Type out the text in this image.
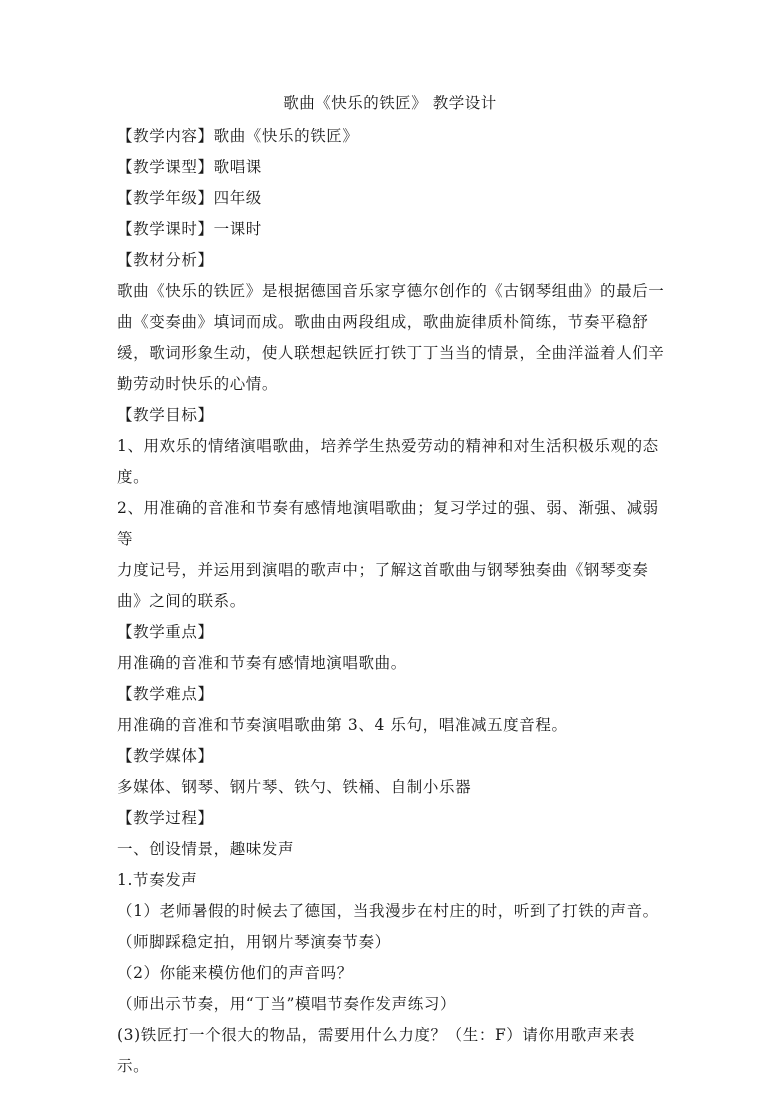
歌曲《快乐的铁匠》 教学设计

【教学内容】歌曲《快乐的铁匠》

【教学课型】歌唱课

【教学年级】四年级

【教学课时】一课时

【教材分析】

歌曲《快乐的铁匠》是根据德国音乐家亨德尔创作的《古钢琴组曲》的最后一

曲《变奏曲》填词而成。歌曲由两段组成，歌曲旋律质朴简练，节奏平稳舒

缓，歌词形象生动，使人联想起铁匠打铁丁丁当当的情景，全曲洋溢着人们辛

勤劳动时快乐的心情。

【教学目标】

1、用欢乐的情绪演唱歌曲，培养学生热爱劳动的精神和对生活积极乐观的态

度。

2、用准确的音准和节奏有感情地演唱歌曲；复习学过的强、弱、渐强、减弱等

力度记号，并运用到演唱的歌声中；了解这首歌曲与钢琴独奏曲《钢琴变奏

曲》之间的联系。

【教学重点】

用准确的音准和节奏有感情地演唱歌曲。

【教学难点】

用准确的音准和节奏演唱歌曲第 3、4 乐句，唱准减五度音程。

【教学媒体】

多媒体、钢琴、钢片琴、铁勺、铁桶、自制小乐器

【教学过程】

一、创设情景，趣味发声

1.节奏发声

（1）老师暑假的时候去了德国，当我漫步在村庄的时，听到了打铁的声音。

（师脚踩稳定拍，用钢片琴演奏节奏）

（2）你能来模仿他们的声音吗？

（师出示节奏，用“丁当”模唱节奏作发声练习）

(3)铁匠打一个很大的物品，需要用什么力度？（生：F）请你用歌声来表示。
